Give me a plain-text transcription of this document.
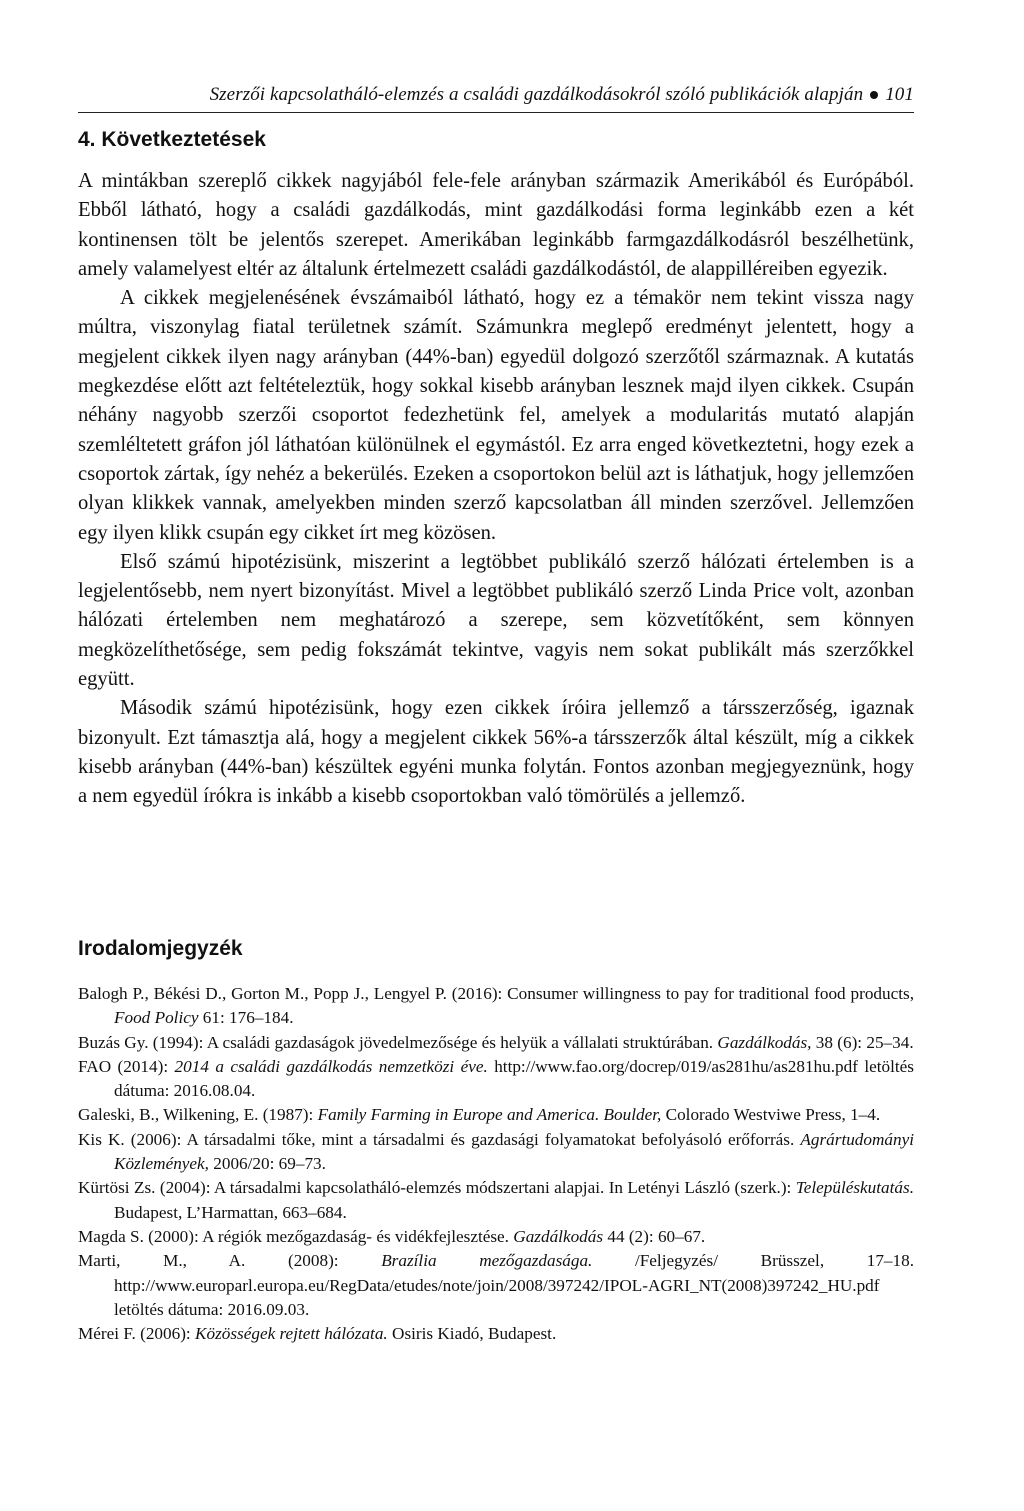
Szerzői kapcsolatháló-elemzés a családi gazdálkodásokról szóló publikációk alapján 101
4. Következtetések

A mintákban szereplő cikkek nagyjából fele-fele arányban származik Amerikából és Európából. Ebből látható, hogy a családi gazdálkodás, mint gazdálkodási forma leginkább ezen a két kontinensen tölt be jelentős szerepet. Amerikában leginkább farmgazdálkodásról beszélhetünk, amely valamelyest eltér az általunk értelmezett családi gazdálkodástól, de alappilléreiben egyezik.

A cikkek megjelenésének évszámaiból látható, hogy ez a témakör nem tekint vissza nagy múltra, viszonylag fiatal területnek számít. Számunkra meglepő eredményt jelentett, hogy a megjelent cikkek ilyen nagy arányban (44%-ban) egyedül dolgozó szerzőtől származnak. A kutatás megkezdése előtt azt feltételeztük, hogy sokkal kisebb arányban lesznek majd ilyen cikkek. Csupán néhány nagyobb szerzői csoportot fedezhetünk fel, amelyek a modularitás mutató alapján szemléltetett gráfon jól láthatóan különülnek el egymástól. Ez arra enged következtetni, hogy ezek a csoportok zártak, így nehéz a bekerülés. Ezeken a csoportokon belül azt is láthatjuk, hogy jellemzően olyan klikkek vannak, amelyekben minden szerző kapcsolatban áll minden szerzővel. Jellemzően egy ilyen klikk csupán egy cikket írt meg közösen.

Első számú hipotézisünk, miszerint a legtöbbet publikáló szerző hálózati értelemben is a legjelentősebb, nem nyert bizonyítást. Mivel a legtöbbet publikáló szerző Linda Price volt, azonban hálózati értelemben nem meghatározó a szerepe, sem közvetítőként, sem könnyen megközelíthetősége, sem pedig fokszámát tekintve, vagyis nem sokat publikált más szerzőkkel együtt.

Második számú hipotézisünk, hogy ezen cikkek íróira jellemző a társszerzőség, igaznak bizonyult. Ezt támasztja alá, hogy a megjelent cikkek 56%-a társszerzők által készült, míg a cikkek kisebb arányban (44%-ban) készültek egyéni munka folytán. Fontos azonban megjegyeznünk, hogy a nem egyedül írókra is inkább a kisebb csoportokban való tömörülés a jellemző.

Irodalomjegyzék

Balogh P., Békési D., Gorton M., Popp J., Lengyel P. (2016): Consumer willingness to pay for traditional food products, Food Policy 61: 176–184.

Buzás Gy. (1994): A családi gazdaságok jövedelmezősége és helyük a vállalati struktúrában. Gazdálkodás, 38 (6): 25–34.

FAO (2014): 2014 a családi gazdálkodás nemzetközi éve. http://www.fao.org/docrep/019/as281hu/as281hu.pdf letöltés dátuma: 2016.08.04.

Galeski, B., Wilkening, E. (1987): Family Farming in Europe and America. Boulder, Colorado Westviwe Press, 1–4.

Kis K. (2006): A társadalmi tőke, mint a társadalmi és gazdasági folyamatokat befolyásoló erőforrás. Agrártudományi Közlemények, 2006/20: 69–73.

Kürtösi Zs. (2004): A társadalmi kapcsolatháló-elemzés módszertani alapjai. In Letényi László (szerk.): Településkutatás. Budapest, L’Harmattan, 663–684.

Magda S. (2000): A régiók mezőgazdaság- és vidékfejlesztése. Gazdálkodás 44 (2): 60–67.

Marti, M., A. (2008): Brazília mezőgazdasága. /Feljegyzés/ Brüsszel, 17–18. http://www.europarl.europa.eu/RegData/etudes/note/join/2008/397242/IPOL-AGRI_NT(2008)397242_HU.pdf letöltés dátuma: 2016.09.03.

Mérei F. (2006): Közösségek rejtett hálózata. Osiris Kiadó, Budapest.
